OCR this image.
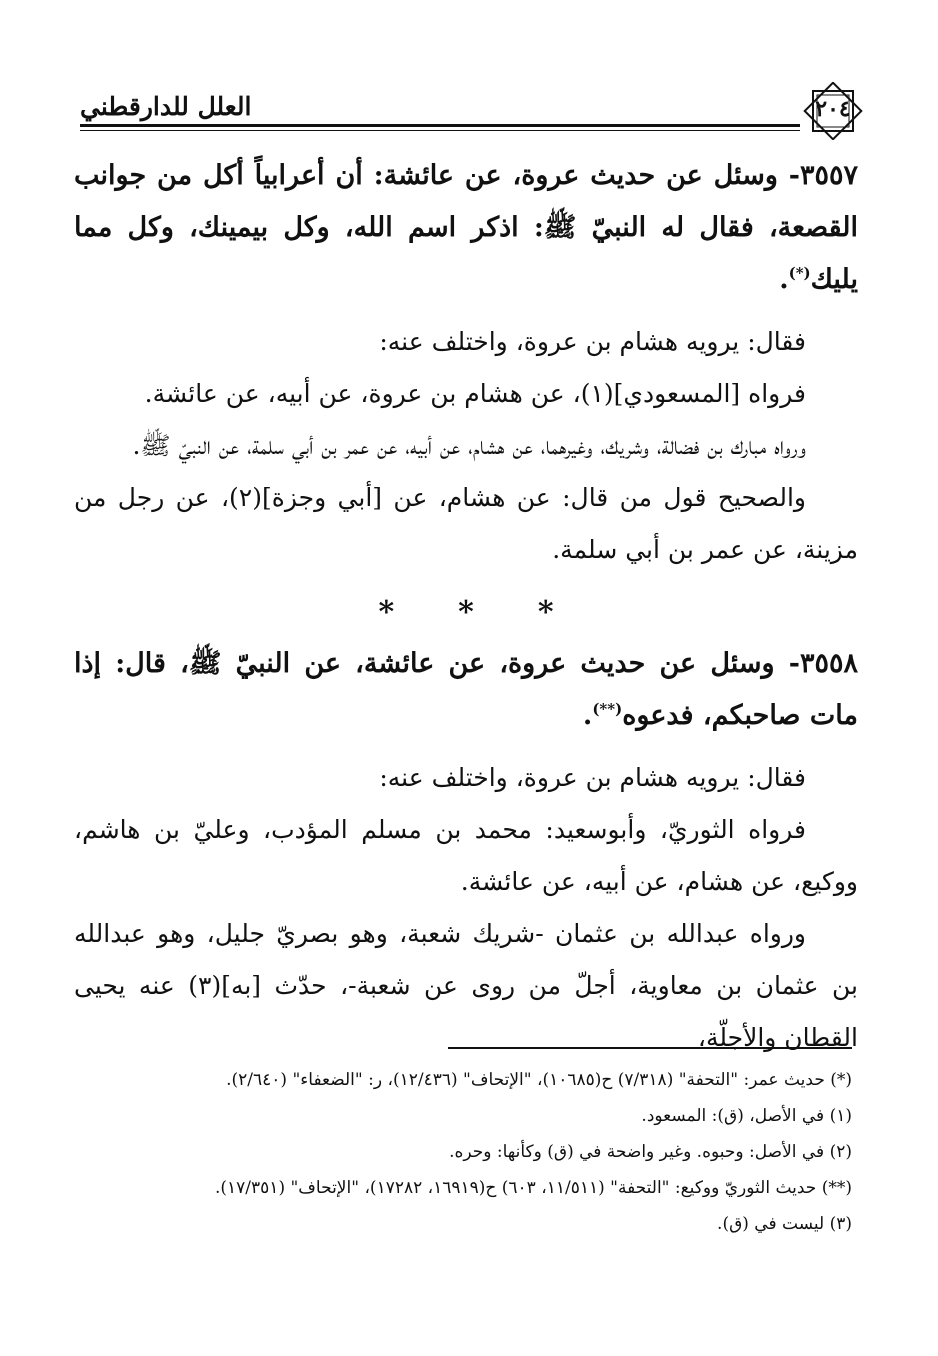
٢٠٤
العلل للدارقطني

٣٥٥٧- وسئل عن حديث عروة، عن عائشة: أن أعرابياً أكل من جوانب القصعة، فقال له النبيّ ﷺ: اذكر اسم الله، وكل بيمينك، وكل مما يليك(*).

فقال: يرويه هشام بن عروة، واختلف عنه:

فرواه [المسعودي](١)، عن هشام بن عروة، عن أبيه، عن عائشة.

ورواه مبارك بن فضالة، وشريك، وغيرهما، عن هشام، عن أبيه، عن عمر بن أبي سلمة، عن النبيّ ﷺ.

والصحيح قول من قال: عن هشام، عن [أبي وجزة](٢)، عن رجل من مزينة، عن عمر بن أبي سلمة.

* * *

٣٥٥٨- وسئل عن حديث عروة، عن عائشة، عن النبيّ ﷺ، قال: إذا مات صاحبكم، فدعوه(**).

فقال: يرويه هشام بن عروة، واختلف عنه:

فرواه الثوريّ، وأبوسعيد: محمد بن مسلم المؤدب، وعليّ بن هاشم، ووكيع، عن هشام، عن أبيه، عن عائشة.

ورواه عبدالله بن عثمان -شريك شعبة، وهو بصريّ جليل، وهو عبدالله بن عثمان بن معاوية، أجلّ من روى عن شعبة-، حدّث [به](٣) عنه يحيى القطان والأجلّة،

(*) حديث عمر: "التحفة" (٧/٣١٨) ح(١٠٦٨٥)، "الإتحاف" (١٢/٤٣٦)، ر: "الضعفاء" (٢/٦٤٠).

(١) في الأصل، (ق): المسعود.

(٢) في الأصل: وحبوه. وغير واضحة في (ق) وكأنها: وحره.

(**) حديث الثوريّ ووكيع: "التحفة" (١١/٥١١، ٦٠٣) ح(١٦٩١٩، ١٧٢٨٢)، "الإتحاف" (١٧/٣٥١).

(٣) ليست في (ق).
